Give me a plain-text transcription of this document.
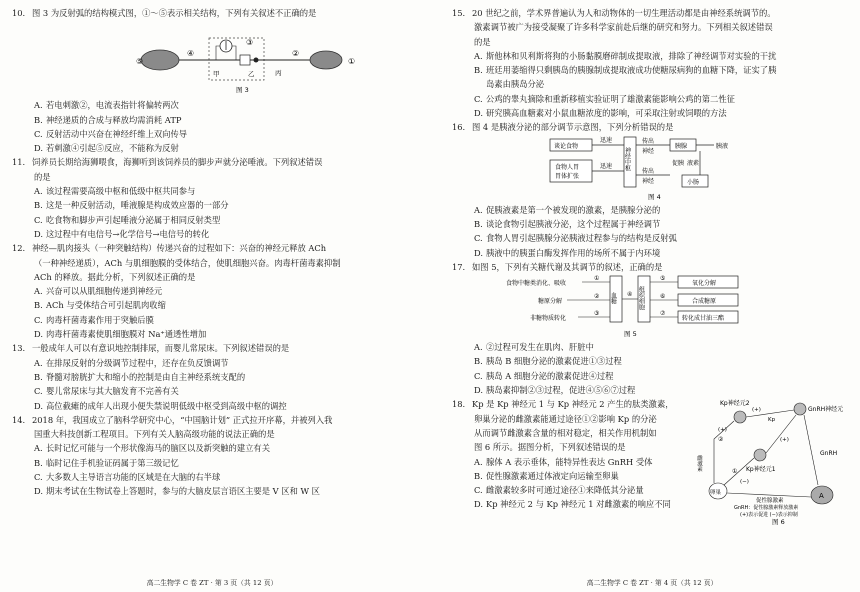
10. 图 3 为反射弧的结构模式图，①～⑤表示相关结构，下列有关叙述不正确的是
⑤
④
③
②
①
甲	乙	丙
图 3
A. 若电刺激②，电流表指针将偏转两次
B. 神经递质的合成与释放均需消耗 ATP
C. 反射活动中兴奋在神经纤维上双向传导
D. 若刺激④引起⑤反应，不能称为反射
11. 饲养员长期给海狮喂食，海狮听到该饲养员的脚步声就分泌唾液。下列叙述错误
的是
A. 该过程需要高级中枢和低级中枢共同参与
B. 这是一种反射活动，唾液腺是构成效应器的一部分
C. 吃食物和脚步声引起唾液分泌属于相同反射类型
D. 这过程中有电信号→化学信号→电信号的转化
12. 神经—肌肉接头（一种突触结构）传递兴奋的过程如下：兴奋的神经元释放 ACh
（一种神经递质），ACh 与肌细胞膜的受体结合，使肌细胞兴奋。肉毒杆菌毒素抑制
ACh 的释放。据此分析，下列叙述正确的是
A. 兴奋可以从肌细胞传递到神经元
B. ACh 与受体结合可引起肌肉收缩
C. 肉毒杆菌毒素作用于突触后膜
D. 肉毒杆菌毒素使肌细胞膜对 Na⁺通透性增加
13. 一般成年人可以有意识地控制排尿，而婴儿常尿床。下列叙述错误的是
A. 在排尿反射的分级调节过程中，还存在负反馈调节
B. 脊髓对膀胱扩大和缩小的控制是由自主神经系统支配的
C. 婴儿常尿床与其大脑发育不完善有关
D. 高位截瘫的成年人出现小便失禁说明低级中枢受到高级中枢的调控
14. 2018 年，我国成立了脑科学研究中心，“中国脑计划” 正式拉开序幕，并被列入我
国重大科技创新工程项目。下列有关人脑高级功能的说法正确的是
A. 长时记忆可能与一个形状像海马的脑区以及新突触的建立有关
B. 临时记住手机验证码属于第三级记忆
C. 大多数人主导语言功能的区域是在大脑的右半球
D. 期末考试在生物试卷上答题时，参与的大脑皮层言语区主要是 V 区和 W 区
高二生物学 C 卷 ZT · 第 3 页（共 12 页）
15. 20 世纪之前，学术界普遍认为人和动物体的一切生理活动都是由神经系统调节的。
激素调节被广为接受凝聚了许多科学家前赴后继的研究和努力。下列相关叙述错误
的是
A. 斯他林和贝利斯将狗的小肠黏膜磨碎制成提取液，排除了神经调节对实验的干扰
B. 班廷用萎缩得只剩胰岛的胰腺制成提取液成功使糖尿病狗的血糖下降，证实了胰
岛素由胰岛分泌
C. 公鸡的睾丸摘除和重新移植实验证明了雄激素能影响公鸡的第二性征
D. 研究胰高血糖素对小鼠血糖浓度的影响，可采取注射或饲喂的方法
16. 图 4 是胰液分泌的部分调节示意图，下列分析错误的是
谈论食物
食物人胃
胃体扩张
迅速
迅速 神经中枢
传出
神经
传出
神经
胰腺	胰液
促胰 液素
小肠
图 4
A. 促胰液素是第一个被发现的激素，是胰腺分泌的
B. 谈论食物引起胰液分泌，这个过程属于神经调节
C. 食物人胃引起胰腺分泌胰液过程参与的结构是反射弧
D. 胰液中的胰蛋白酶发挥作用的场所不属于内环境
17. 如图 5，下列有关糖代谢及其调节的叙述，正确的是
食物中糖类消化、吸收
糖原分解
非糖物质转化
①
②
③
血糖 ④ 组织细胞
⑤
⑥
⑦
氧化分解
合成糖原
转化成甘油三酯
图 5
A. ②过程可发生在肌肉、肝脏中
B. 胰岛 B 细胞分泌的激素促进①③过程
C. 胰岛 A 细胞分泌的激素促进④过程
D. 胰岛素抑制②③过程，促进④⑤⑥⑦过程
18. Kp 是 Kp 神经元 1 与 Kp 神经元 2 产生的肽类激素，
卵巢分泌的雌激素能通过途径①②影响 Kp 的分泌
从而调节雌激素含量的相对稳定，相关作用机制如
图 6 所示。据图分析，下列叙述错误的是
A. 腺体 A 表示垂体，能特异性表达 GnRH 受体
B. 促性腺激素通过体液定向运输至卵巢
C. 雌激素较多时可通过途径①来降低其分泌量
D. Kp 神经元 2 与 Kp 神经元 1 对雌激素的响应不同
Kp神经元2
GnRH神经元
(+)
Kp
Kp神经元1
(+)
GnRH
A
卵巢
促性腺激素
雌激素
②
(+)
①
(−)
GnRH：促性腺激素释放激素
(+)表示促进 (−)表示抑制
图 6
高二生物学 C 卷 ZT · 第 4 页（共 12 页）
